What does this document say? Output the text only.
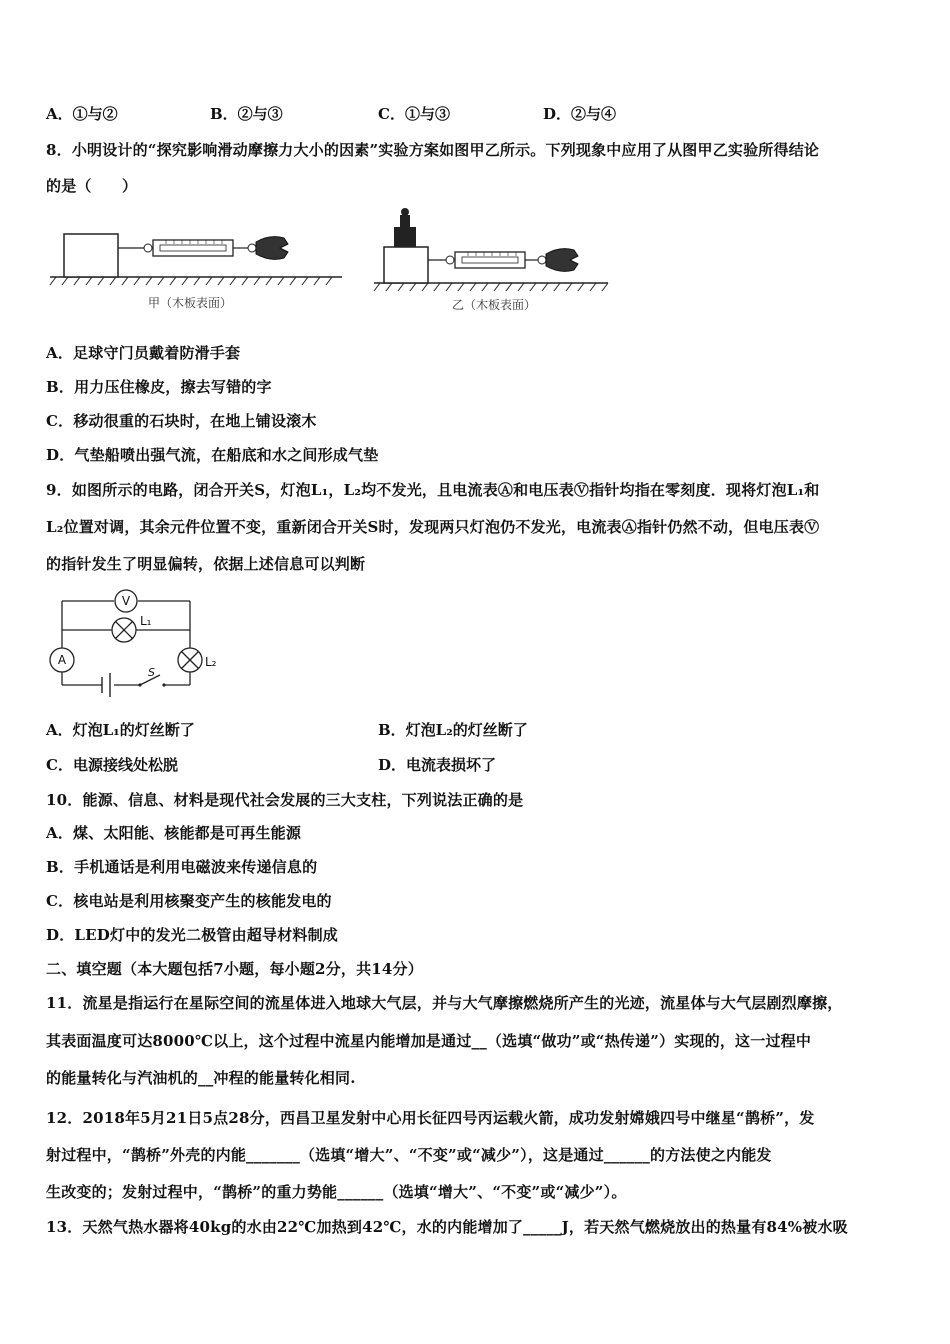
A．①与②	B．②与③	C．①与③	D．②与④
8．小明设计的“探究影响滑动摩擦力大小的因素”实验方案如图甲乙所示。下列现象中应用了从图甲乙实验所得结论
的是（　　）
甲（木板表面）	乙（木板表面）
A．足球守门员戴着防滑手套
B．用力压住橡皮，擦去写错的字
C．移动很重的石块时，在地上铺设滚木
D．气垫船喷出强气流，在船底和水之间形成气垫
9．如图所示的电路，闭合开关S，灯泡L₁，L₂均不发光，且电流表Ⓐ和电压表Ⓥ指针均指在零刻度．现将灯泡L₁和
L₂位置对调，其余元件位置不变，重新闭合开关S时，发现两只灯泡仍不发光，电流表Ⓐ指针仍然不动，但电压表Ⓥ
的指针发生了明显偏转，依据上述信息可以判断
V
A
L₁
L₂
S
A．灯泡L₁的灯丝断了	B．灯泡L₂的灯丝断了
C．电源接线处松脱	D．电流表损坏了
10．能源、信息、材料是现代社会发展的三大支柱，下列说法正确的是
A．煤、太阳能、核能都是可再生能源
B．手机通话是利用电磁波来传递信息的
C．核电站是利用核聚变产生的核能发电的
D．LED灯中的发光二极管由超导材料制成
二、填空题（本大题包括7小题，每小题2分，共14分）
11．流星是指运行在星际空间的流星体进入地球大气层，并与大气摩擦燃烧所产生的光迹，流星体与大气层剧烈摩擦，
其表面温度可达8000℃以上，这个过程中流星内能增加是通过__（选填“做功”或“热传递”）实现的，这一过程中
的能量转化与汽油机的__冲程的能量转化相同.
12．2018年5月21日5点28分，西昌卫星发射中心用长征四号丙运载火箭，成功发射嫦娥四号中继星“鹊桥”，发
射过程中，“鹊桥”外壳的内能_______（选填“增大”、“不变”或“减少”），这是通过______的方法使之内能发
生改变的；发射过程中，“鹊桥”的重力势能______（选填“增大”、“不变”或“减少”）。
13．天然气热水器将40kg的水由22℃加热到42℃，水的内能增加了_____J，若天然气燃烧放出的热量有84%被水吸
